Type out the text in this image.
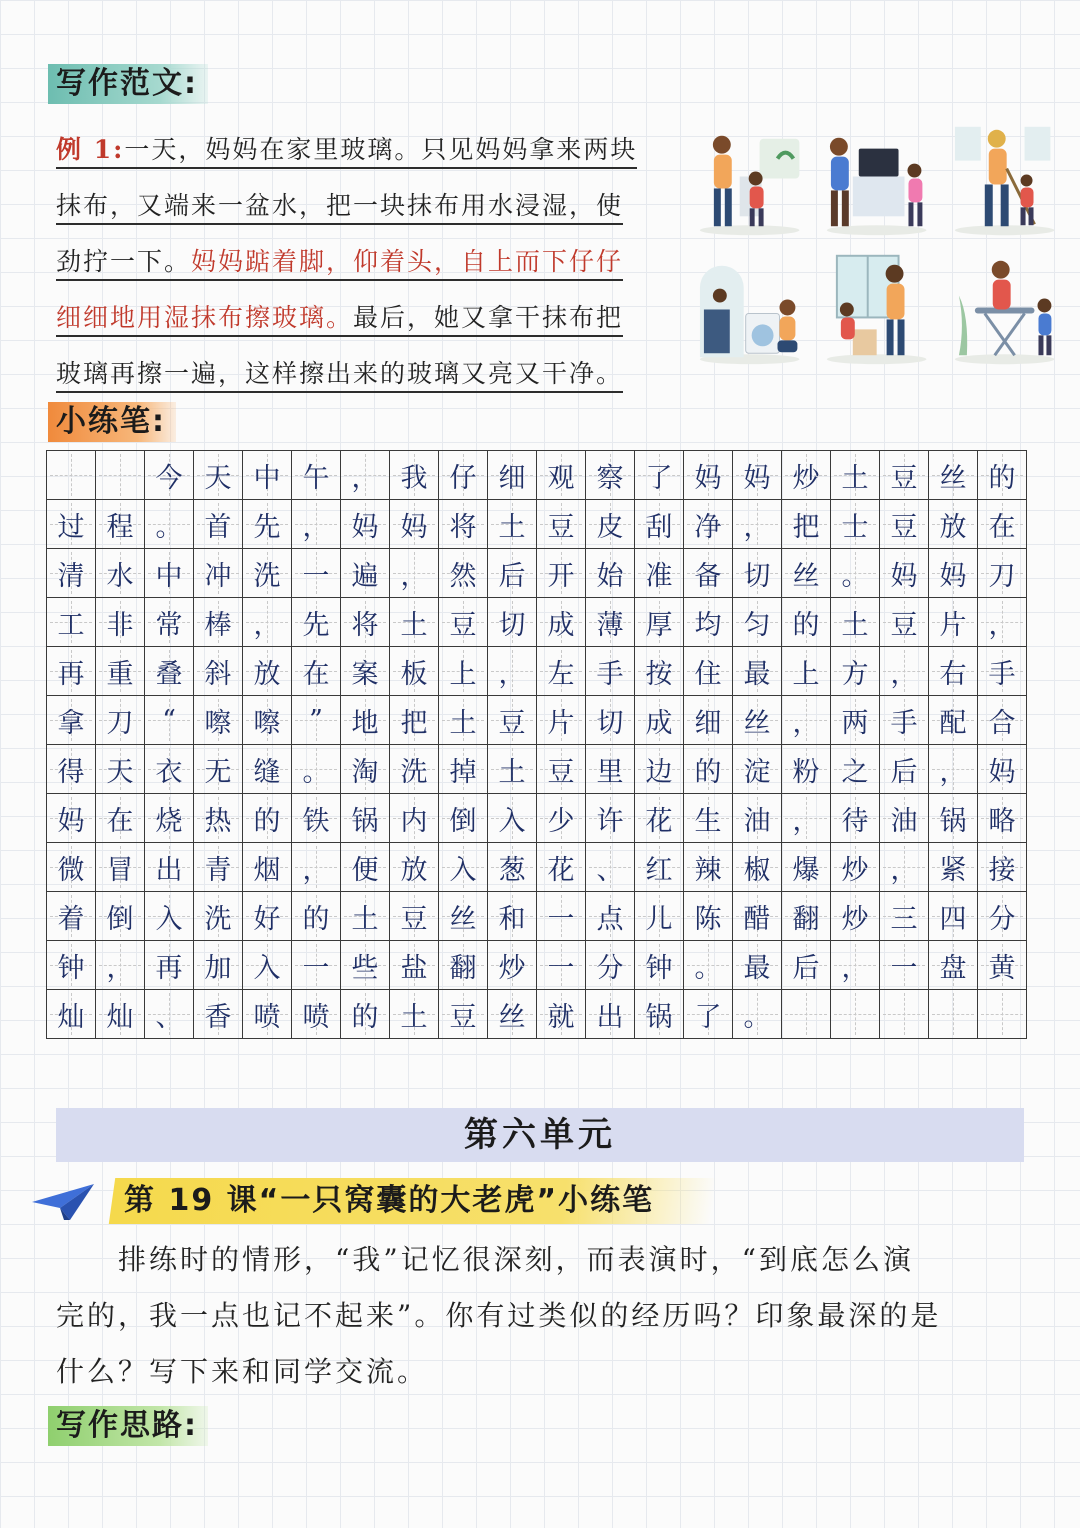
写作范文:
例 1:一天，妈妈在家里玻璃。只见妈妈拿来两块
抹布，又端来一盆水，把一块抹布用水浸湿，使
劲拧一下。妈妈踮着脚，仰着头，自上而下仔仔
细细地用湿抹布擦玻璃。最后，她又拿干抹布把
玻璃再擦一遍，这样擦出来的玻璃又亮又干净。
小练笔:
		今	天	中	午	，	我	仔	细	观	察	了	妈	妈	炒	土	豆	丝	的
过	程	。	首	先	，	妈	妈	将	土	豆	皮	刮	净	，	把	士	豆	放	在
清	水	中	冲	洗	一	遍	，	然	后	开	始	准	备	切	丝	。	妈	妈	刀
工	非	常	棒	，	先	将	土	豆	切	成	薄	厚	均	匀	的	土	豆	片	，
再	重	叠	斜	放	在	案	板	上	，	左	手	按	住	最	上	方	，	右	手
拿	刀	“	嚓	嚓	”	地	把	土	豆	片	切	成	细	丝	，	两	手	配	合
得	天	衣	无	缝	。	淘	洗	掉	土	豆	里	边	的	淀	粉	之	后	，	妈
妈	在	烧	热	的	铁	锅	内	倒	入	少	许	花	生	油	，	待	油	锅	略
微	冒	出	青	烟	，	便	放	入	葱	花	、	红	辣	椒	爆	炒	，	紧	接
着	倒	入	洗	好	的	土	豆	丝	和	一	点	儿	陈	醋	翻	炒	三	四	分
钟	，	再	加	入	一	些	盐	翻	炒	一	分	钟	。	最	后	，	一	盘	黄
灿	灿	、	香	喷	喷	的	土	豆	丝	就	出	锅	了	。					
第六单元
第 19 课“一只窝囊的大老虎”小练笔

　　排练时的情形，“我”记忆很深刻，而表演时，“到底怎么演

完的，我一点也记不起来”。你有过类似的经历吗？印象最深的是

什么？写下来和同学交流。

写作思路:
